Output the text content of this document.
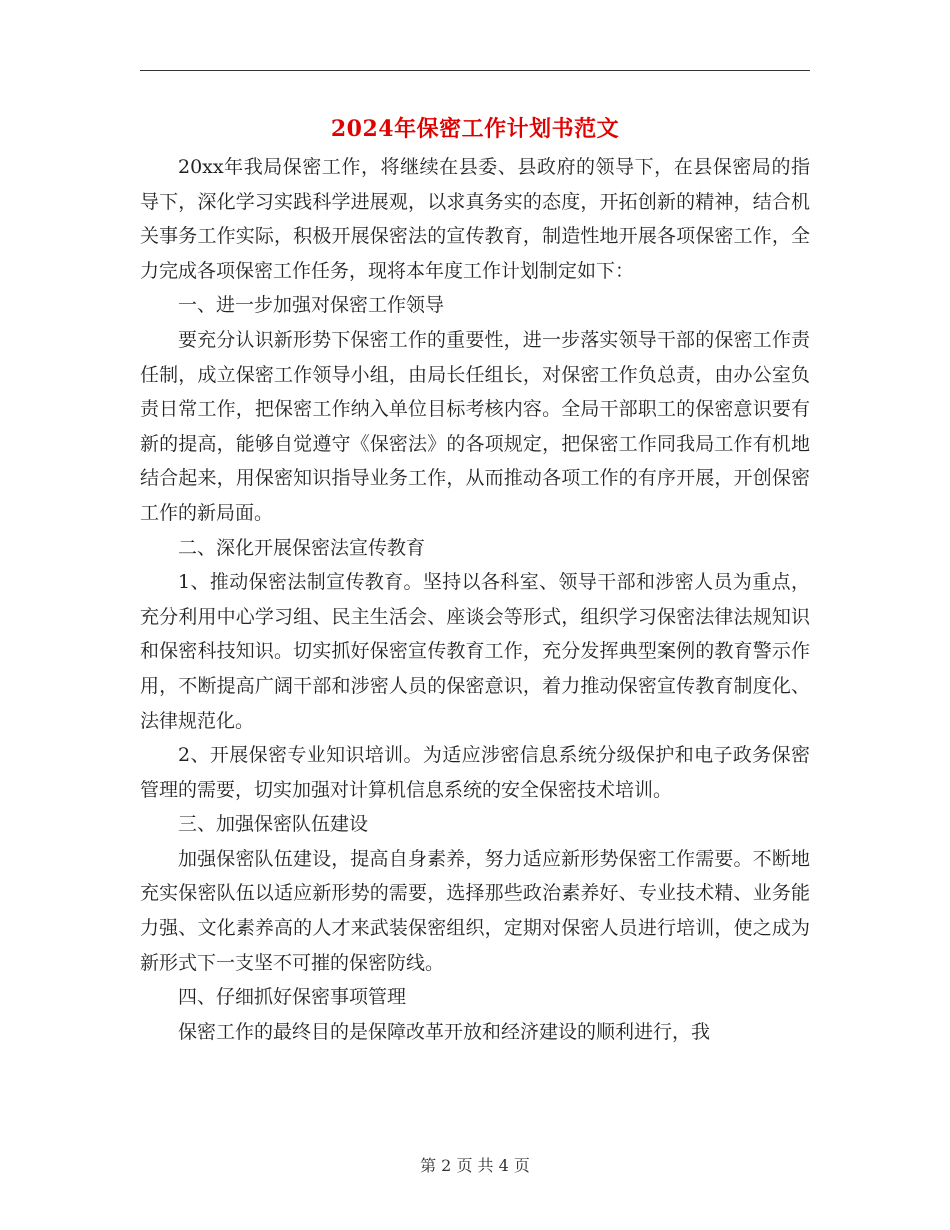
2024年保密工作计划书范文

20xx年我局保密工作，将继续在县委、县政府的领导下，在县保密局的指导下，深化学习实践科学进展观，以求真务实的态度，开拓创新的精神，结合机关事务工作实际，积极开展保密法的宣传教育，制造性地开展各项保密工作，全力完成各项保密工作任务，现将本年度工作计划制定如下：

一、进一步加强对保密工作领导

要充分认识新形势下保密工作的重要性，进一步落实领导干部的保密工作责任制，成立保密工作领导小组，由局长任组长，对保密工作负总责，由办公室负责日常工作，把保密工作纳入单位目标考核内容。全局干部职工的保密意识要有新的提高，能够自觉遵守《保密法》的各项规定，把保密工作同我局工作有机地结合起来，用保密知识指导业务工作，从而推动各项工作的有序开展，开创保密工作的新局面。

二、深化开展保密法宣传教育

1、推动保密法制宣传教育。坚持以各科室、领导干部和涉密人员为重点，充分利用中心学习组、民主生活会、座谈会等形式，组织学习保密法律法规知识和保密科技知识。切实抓好保密宣传教育工作，充分发挥典型案例的教育警示作用，不断提高广阔干部和涉密人员的保密意识，着力推动保密宣传教育制度化、法律规范化。

2、开展保密专业知识培训。为适应涉密信息系统分级保护和电子政务保密管理的需要，切实加强对计算机信息系统的安全保密技术培训。

三、加强保密队伍建设

加强保密队伍建设，提高自身素养，努力适应新形势保密工作需要。不断地充实保密队伍以适应新形势的需要，选择那些政治素养好、专业技术精、业务能力强、文化素养高的人才来武装保密组织，定期对保密人员进行培训，使之成为新形式下一支坚不可摧的保密防线。

四、仔细抓好保密事项管理

保密工作的最终目的是保障改革开放和经济建设的顺利进行，我

第 2 页 共 4 页
